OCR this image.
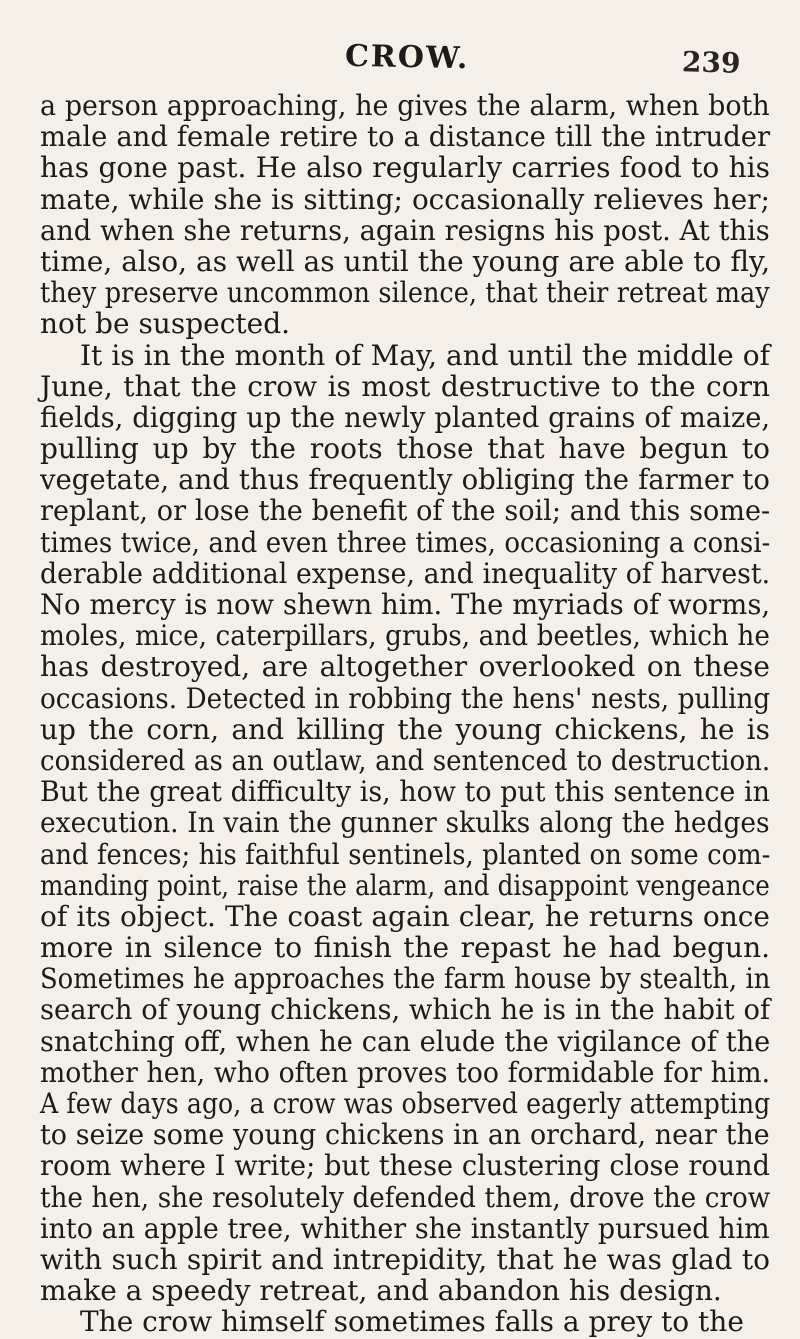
CROW.	239
a person approaching, he gives the alarm, when both
male and female retire to a distance till the intruder
has gone past. He also regularly carries food to his
mate, while she is sitting; occasionally relieves her;
and when she returns, again resigns his post. At this
time, also, as well as until the young are able to fly,
they preserve uncommon silence, that their retreat may
not be suspected.
It is in the month of May, and until the middle of
June, that the crow is most destructive to the corn
fields, digging up the newly planted grains of maize,
pulling up by the roots those that have begun to
vegetate, and thus frequently obliging the farmer to
replant, or lose the benefit of the soil; and this some-
times twice, and even three times, occasioning a consi-
derable additional expense, and inequality of harvest.
No mercy is now shewn him. The myriads of worms,
moles, mice, caterpillars, grubs, and beetles, which he
has destroyed, are altogether overlooked on these
occasions. Detected in robbing the hens' nests, pulling
up the corn, and killing the young chickens, he is
considered as an outlaw, and sentenced to destruction.
But the great difficulty is, how to put this sentence in
execution. In vain the gunner skulks along the hedges
and fences; his faithful sentinels, planted on some com-
manding point, raise the alarm, and disappoint vengeance
of its object. The coast again clear, he returns once
more in silence to finish the repast he had begun.
Sometimes he approaches the farm house by stealth, in
search of young chickens, which he is in the habit of
snatching off, when he can elude the vigilance of the
mother hen, who often proves too formidable for him.
A few days ago, a crow was observed eagerly attempting
to seize some young chickens in an orchard, near the
room where I write; but these clustering close round
the hen, she resolutely defended them, drove the crow
into an apple tree, whither she instantly pursued him
with such spirit and intrepidity, that he was glad to
make a speedy retreat, and abandon his design.
The crow himself sometimes falls a prey to the
